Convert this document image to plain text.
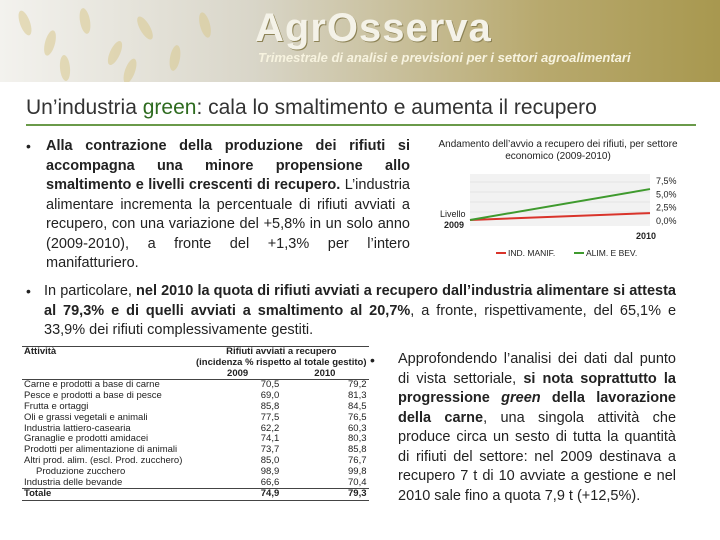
AgrOsserva
Trimestrale di analisi e previsioni per i settori agroalimentari
Un’industria green: cala lo smaltimento e aumenta il recupero
• Alla contrazione della produzione dei rifiuti si accompagna una minore propensione allo smaltimento e livelli crescenti di recupero. L’industria alimentare incrementa la percentuale di rifiuti avviati a recupero, con una variazione del +5,8% in un solo anno (2009-2010), a fronte del +1,3% per l’intero manifatturiero.
Andamento dell’avvio a recupero dei rifiuti, per settore economico (2009-2010)
7,5%
5,0%
2,5%
0,0%
Livello
2009
2010
IND. MANIF.	ALIM. E BEV.
• In particolare, nel 2010 la quota di rifiuti avviati a recupero dall’industria alimentare si attesta al 79,3% e di quelli avviati a smaltimento al 20,7%, a fronte, rispettivamente, del 65,1% e 33,9% dei rifiuti complessivamente gestiti.
Attività	Rifiuti avviati a recupero	
	(incidenza % rispetto al totale gestito)	
	2009	2010
Carne e prodotti a base di carne	70,5	79,2
Pesce e prodotti a base di pesce	69,0	81,3
Frutta e ortaggi	85,8	84,5
Oli e grassi vegetali e animali	77,5	76,5
Industria lattiero-casearia	62,2	60,3
Granaglie e prodotti amidacei	74,1	80,3
Prodotti per alimentazione di animali	73,7	85,8
Altri prod. alim. (escl. Prod. zucchero)	85,0	76,7
Produzione zucchero	98,9	99,8
Industria delle bevande	66,6	70,4
Totale	74,9	79,3
• Approfondendo l’analisi dei dati dal punto di vista settoriale, si nota soprattutto la progressione green della lavorazione della carne, una singola attività che produce circa un sesto di tutta la quantità di rifiuti del settore: nel 2009 destinava a recupero 7 t di 10 avviate a gestione e nel 2010 sale fino a quota 7,9 t (+12,5%).
